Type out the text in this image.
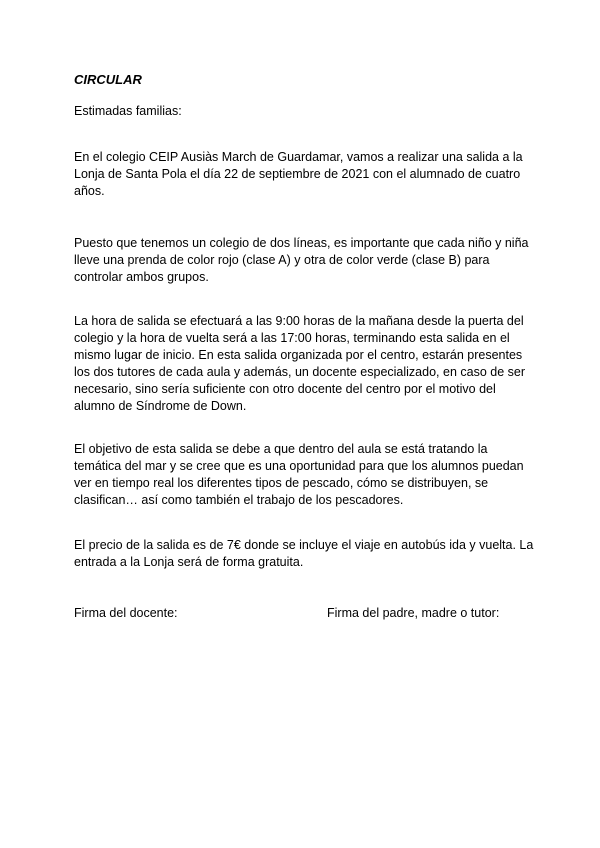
CIRCULAR

Estimadas familias:

En el colegio CEIP Ausiàs March de Guardamar, vamos a realizar una salida a la Lonja de Santa Pola el día 22 de septiembre de 2021 con el alumnado de cuatro años.

Puesto que tenemos un colegio de dos líneas, es importante que cada niño y niña lleve una prenda de color rojo (clase A) y otra de color verde (clase B) para controlar ambos grupos.

La hora de salida se efectuará a las 9:00 horas de la mañana desde la puerta del colegio y la hora de vuelta será a las 17:00 horas, terminando esta salida en el mismo lugar de inicio. En esta salida organizada por el centro, estarán presentes los dos tutores de cada aula y además, un docente especializado, en caso de ser necesario, sino sería suficiente con otro docente del centro por el motivo del alumno de Síndrome de Down.

El objetivo de esta salida se debe a que dentro del aula se está tratando la temática del mar y se cree que es una oportunidad para que los alumnos puedan ver en tiempo real los diferentes tipos de pescado, cómo se distribuyen, se clasifican… así como también el trabajo de los pescadores.

El precio de la salida es de 7€ donde se incluye el viaje en autobús ida y vuelta. La entrada a la Lonja será de forma gratuita.

Firma del docente:	Firma del padre, madre o tutor:
